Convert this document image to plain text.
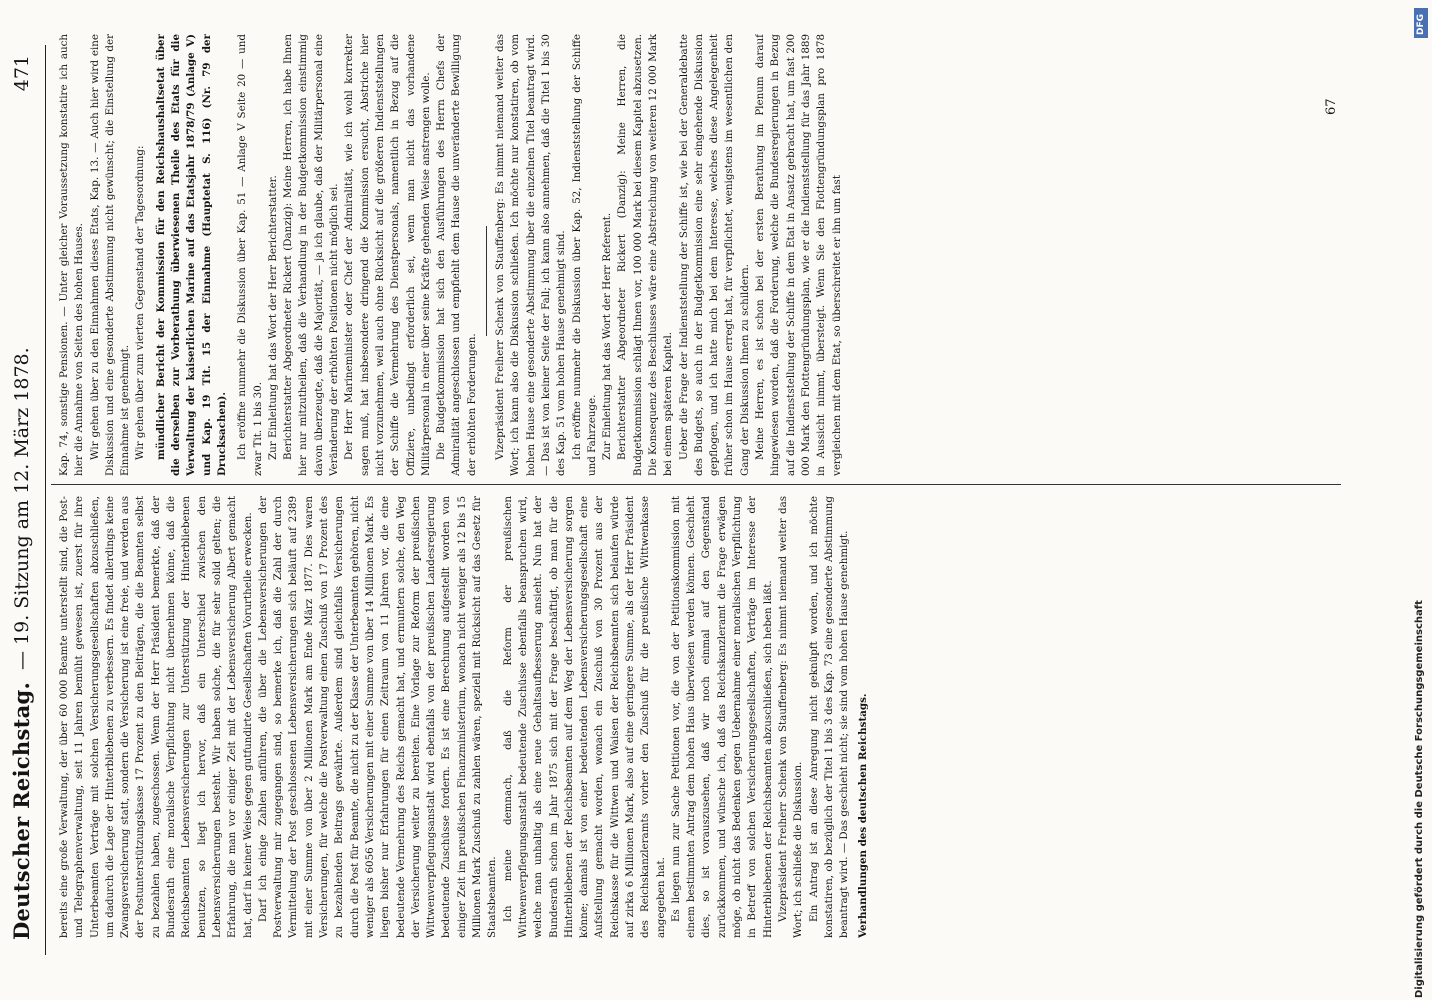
Deutscher Reichstag.
— 19. Sitzung am 12. März 1878.
471

bereits eine große Verwaltung, der über 60 000 Beamte unterstellt sind, die Post- und Telegraphenverwaltung, seit 11 Jahren bemüht gewesen ist, zuerst für ihre Unterbeamten Verträge mit solchen Versicherungsgesellschaften abzuschließen, um dadurch die Lage der Hinterbliebenen zu verbessern. Es findet allerdings keine Zwangsversicherung statt, sondern die Versicherung ist eine freie, und werden aus der Postunterstützungskasse 17 Prozent zu den Beiträgen, die die Beamten selbst zu bezahlen haben, zugeschossen. Wenn der Herr Präsident bemerkte, daß der Bundesrath eine moralische Verpflichtung nicht übernehmen könne, daß die Reichsbeamten Lebensversicherungen zur Unterstützung der Hinterbliebenen benutzen, so liegt ich hervor, daß ein Unterschied zwischen den Lebensversicherungen besteht. Wir haben solche, die für sehr solid gelten; die Erfahrung, die man vor einiger Zeit mit der Lebensversicherung Albert gemacht hat, darf in keiner Weise gegen gutfundirte Gesellschaften Vorurtheile erwecken. Darf ich einige Zahlen anführen, die über die Lebensversicherungen der Postverwaltung mir zugegangen sind, so bemerke ich, daß die Zahl der durch Vermittelung der Post geschlossenen Lebensversicherungen sich beläuft auf 2389 mit einer Summe von über 2 Millionen Mark am Ende März 1877. Dies waren Versicherungen, für welche die Postverwaltung einen Zuschuß von 17 Prozent des zu bezahlenden Beitrags gewährte. Außerdem sind gleichfalls Versicherungen durch die Post für Beamte, die nicht zu der Klasse der Unterbeamten gehören, nicht weniger als 6056 Versicherungen mit einer Summe von über 14 Millionen Mark. Es liegen bisher nur Erfahrungen für einen Zeitraum von 11 Jahren vor, die eine bedeutende Vermehrung des Reichs gemacht hat, und ermuntern solche, den Weg der Versicherung weiter zu bereiten. Eine Vorlage zur Reform der preußischen Wittwenverpflegungsanstalt wird ebenfalls von der preußischen Landesregierung bedeutende Zuschüsse fordern. Es ist eine Berechnung aufgestellt worden von einiger Zeit im preußischen Finanzministerium, wonach nicht weniger als 12 bis 15 Millionen Mark Zuschuß zu zahlen wären, speziell mit Rücksicht auf das Gesetz für Staatsbeamten. Ich meine demnach, daß die Reform der preußischen Wittwenverpflegungsanstalt bedeutende Zuschüsse ebenfalls beanspruchen wird, welche man unhaltig als eine neue Gehaltsaufbesserung ansieht. Nun hat der Bundesrath schon im Jahr 1875 sich mit der Frage beschäftigt, ob man für die Hinterbliebenen der Reichsbeamten auf dem Weg der Lebensversicherung sorgen könne; damals ist von einer bedeutenden Lebensversicherungsgesellschaft eine Aufstellung gemacht worden, wonach ein Zuschuß von 30 Prozent aus der Reichskasse für die Wittwen und Waisen der Reichsbeamten sich belaufen würde auf zirka 6 Millionen Mark, also auf eine geringere Summe, als der Herr Präsident des Reichskanzleramts vorher den Zuschuß für die preußische Wittwenkasse angegeben hat. Es liegen nun zur Sache Petitionen vor, die von der Petitionskommission mit einem bestimmten Antrag dem hohen Haus überwiesen werden können. Geschieht dies, so ist vorauszusehen, daß wir noch einmal auf den Gegenstand zurückkommen, und wünsche ich, daß das Reichskanzleramt die Frage erwägen möge, ob nicht das Bedenken gegen Uebernahme einer moralischen Verpflichtung in Betreff von solchen Versicherungsgesellschaften, Verträge im Interesse der Hinterbliebenen der Reichsbeamten abzuschließen, sich heben läßt. Vizepräsident Freiherr Schenk von Stauffenberg: Es nimmt niemand weiter das Wort; ich schließe die Diskussion. Ein Antrag ist an diese Anregung nicht geknüpft worden, und ich möchte konstatiren, ob bezüglich der Titel 1 bis 3 des Kap. 73 eine gesonderte Abstimmung beantragt wird. — Das geschieht nicht; sie sind vom hohen Hause genehmigt. Verhandlungen des deutschen Reichstags.

Kap. 74, sonstige Pensionen. — Unter gleicher Voraussetzung konstatire ich auch hier die Annahme von Seiten des hohen Hauses. Wir gehen über zu den Einnahmen dieses Etats, Kap. 13. — Auch hier wird eine Diskussion und eine gesonderte Abstimmung nicht gewünscht; die Einstellung der Einnahme ist genehmigt. Wir gehen über zum vierten Gegenstand der Tagesordnung: mündlicher Bericht der Kommission für den Reichshaushaltsetat über die derselben zur Vorberathung überwiesenen Theile des Etats für die Verwaltung der kaiserlichen Marine auf das Etatsjahr 1878/79 (Anlage V) und Kap. 19 Tit. 15 der Einnahme (Hauptetat S. 116) (Nr. 79 der Drucksachen). Ich eröffne nunmehr die Diskussion über Kap. 51 — Anlage V Seite 20 — und zwar Tit. 1 bis 30. Zur Einleitung hat das Wort der Herr Berichterstatter. Berichterstatter Abgeordneter Rickert (Danzig): Meine Herren, ich habe Ihnen hier nur mitzutheilen, daß die Verhandlung in der Budgetkommission einstimmig davon überzeugte, daß die Majorität, — ja ich glaube, daß der Militärpersonal eine Veränderung der erhöhten Positionen nicht möglich sei. Der Herr Marineminister oder Chef der Admiralität, wie ich wohl korrekter sagen muß, hat insbesondere dringend die Kommission ersucht, Abstriche hier nicht vorzunehmen, weil auch ohne Rücksicht auf die größeren Indienststellungen der Schiffe die Vermehrung des Dienstpersonals, namentlich in Bezug auf die Offiziere, unbedingt erforderlich sei, wenn man nicht das vorhandene Militärpersonal in einer über seine Kräfte gehenden Weise anstrengen wolle. Die Budgetkommission hat sich den Ausführungen des Herrn Chefs der Admiralität angeschlossen und empfiehlt dem Hause die unveränderte Bewilligung der erhöhten Forderungen. Vizepräsident Freiherr Schenk von Stauffenberg: Es nimmt niemand weiter das Wort; ich kann also die Diskussion schließen. Ich möchte nur konstatiren, ob vom hohen Hause eine gesonderte Abstimmung über die einzelnen Titel beantragt wird. — Das ist von keiner Seite der Fall; ich kann also annehmen, daß die Titel 1 bis 30 des Kap. 51 vom hohen Hause genehmigt sind. Ich eröffne nunmehr die Diskussion über Kap. 52, Indienststellung der Schiffe und Fahrzeuge. Zur Einleitung hat das Wort der Herr Referent. Berichterstatter Abgeordneter Rickert (Danzig): Meine Herren, die Budgetkommission schlägt Ihnen vor, 100 000 Mark bei diesem Kapitel abzusetzen. Die Konsequenz des Beschlusses wäre eine Abstreichung von weiteren 12 000 Mark bei einem späteren Kapitel. Ueber die Frage der Indienststellung der Schiffe ist, wie bei der Generaldebatte des Budgets, so auch in der Budgetkommission eine sehr eingehende Diskussion gepflogen, und ich hatte mich bei dem Interesse, welches diese Angelegenheit früher schon im Hause erregt hat, für verpflichtet, wenigstens im wesentlichen den Gang der Diskussion Ihnen zu schildern. Meine Herren, es ist schon bei der ersten Berathung im Plenum darauf hingewiesen worden, daß die Forderung, welche die Bundesregierungen in Bezug auf die Indienststellung der Schiffe in dem Etat in Ansatz gebracht hat, um fast 200 000 Mark den Flottengründungsplan, wie er die Indienststellung für das Jahr 1889 in Aussicht nimmt, übersteigt. Wenn Sie den Flottengründungsplan pro 1878 vergleichen mit dem Etat, so überschreitet er ihn um fast

67
DFG
Digitalisierung gefördert durch die Deutsche Forschungsgemeinschaft
